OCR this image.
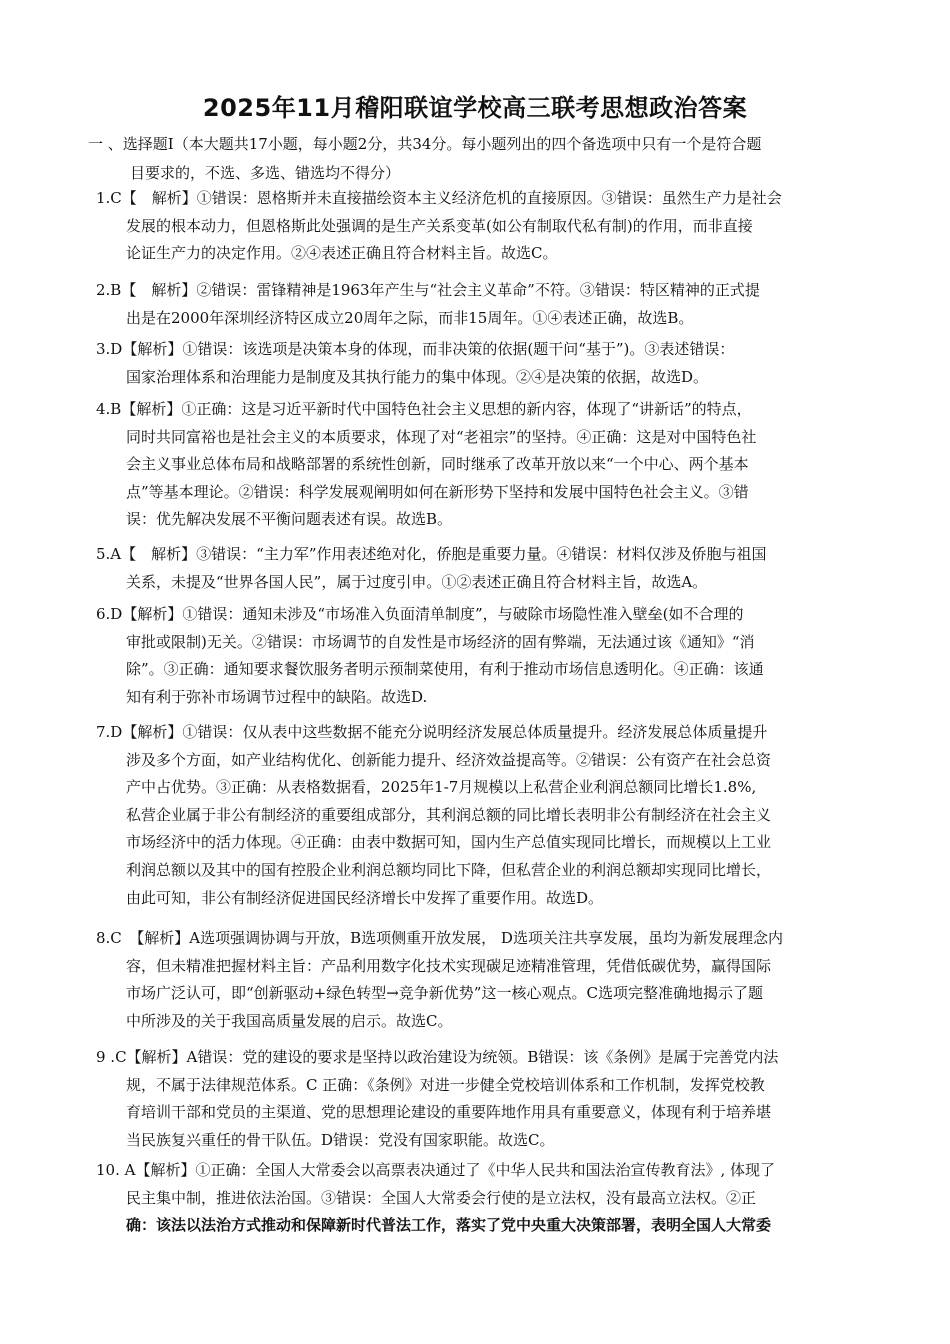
2025年11月稽阳联谊学校高三联考思想政治答案
一 、选择题Ⅰ（本大题共17小题，每小题2分，共34分。每小题列出的四个备选项中只有一个是符合题
目要求的，不选、多选、错选均不得分）
1.C【　解析】①错误：恩格斯并未直接描绘资本主义经济危机的直接原因。③错误：虽然生产力是社会
发展的根本动力，但恩格斯此处强调的是生产关系变革(如公有制取代私有制)的作用，而非直接
论证生产力的决定作用。②④表述正确且符合材料主旨。故选C。
2.B【　解析】②错误：雷锋精神是1963年产生与“社会主义革命”不符。③错误：特区精神的正式提
出是在2000年深圳经济特区成立20周年之际，而非15周年。①④表述正确，故选B。
3.D【解析】①错误：该选项是决策本身的体现，而非决策的依据(题干问“基于”)。③表述错误：
国家治理体系和治理能力是制度及其执行能力的集中体现。②④是决策的依据，故选D。
4.B【解析】①正确：这是习近平新时代中国特色社会主义思想的新内容，体现了“讲新话”的特点，
同时共同富裕也是社会主义的本质要求，体现了对“老祖宗”的坚持。④正确：这是对中国特色社
会主义事业总体布局和战略部署的系统性创新，同时继承了改革开放以来“一个中心、两个基本
点”等基本理论。②错误：科学发展观阐明如何在新形势下坚持和发展中国特色社会主义。③错
误：优先解决发展不平衡问题表述有误。故选B。
5.A【　解析】③错误：“主力军”作用表述绝对化，侨胞是重要力量。④错误：材料仅涉及侨胞与祖国
关系，未提及“世界各国人民”，属于过度引申。①②表述正确且符合材料主旨，故选A。
6.D【解析】①错误：通知未涉及“市场准入负面清单制度”，与破除市场隐性准入壁垒(如不合理的
审批或限制)无关。②错误：市场调节的自发性是市场经济的固有弊端，无法通过该《通知》“消
除”。③正确：通知要求餐饮服务者明示预制菜使用，有利于推动市场信息透明化。④正确：该通
知有利于弥补市场调节过程中的缺陷。故选D.
7.D【解析】①错误：仅从表中这些数据不能充分说明经济发展总体质量提升。经济发展总体质量提升
涉及多个方面，如产业结构优化、创新能力提升、经济效益提高等。②错误：公有资产在社会总资
产中占优势。③正确：从表格数据看，2025年1-7月规模以上私营企业利润总额同比增长1.8%,
私营企业属于非公有制经济的重要组成部分，其利润总额的同比增长表明非公有制经济在社会主义
市场经济中的活力体现。④正确：由表中数据可知，国内生产总值实现同比增长，而规模以上工业
利润总额以及其中的国有控股企业利润总额均同比下降，但私营企业的利润总额却实现同比增长，
由此可知，非公有制经济促进国民经济增长中发挥了重要作用。故选D。
8.C　【解析】A选项强调协调与开放，B选项侧重开放发展， D选项关注共享发展，虽均为新发展理念内
容，但未精准把握材料主旨：产品利用数字化技术实现碳足迹精准管理，凭借低碳优势，赢得国际
市场广泛认可，即“创新驱动+绿色转型→竞争新优势”这一核心观点。C选项完整准确地揭示了题
中所涉及的关于我国高质量发展的启示。故选C。
9 .C【解析】A错误：党的建设的要求是坚持以政治建设为统领。B错误：该《条例》是属于完善党内法
规，不属于法律规范体系。C 正确：《条例》对进一步健全党校培训体系和工作机制，发挥党校教
育培训干部和党员的主渠道、党的思想理论建设的重要阵地作用具有重要意义，体现有利于培养堪
当民族复兴重任的骨干队伍。D错误：党没有国家职能。故选C。
10. A【解析】①正确：全国人大常委会以高票表决通过了《中华人民共和国法治宣传教育法》, 体现了
民主集中制，推进依法治国。③错误：全国人大常委会行使的是立法权，没有最高立法权。②正
确：该法以法治方式推动和保障新时代普法工作，落实了党中央重大决策部署，表明全国人大常委
